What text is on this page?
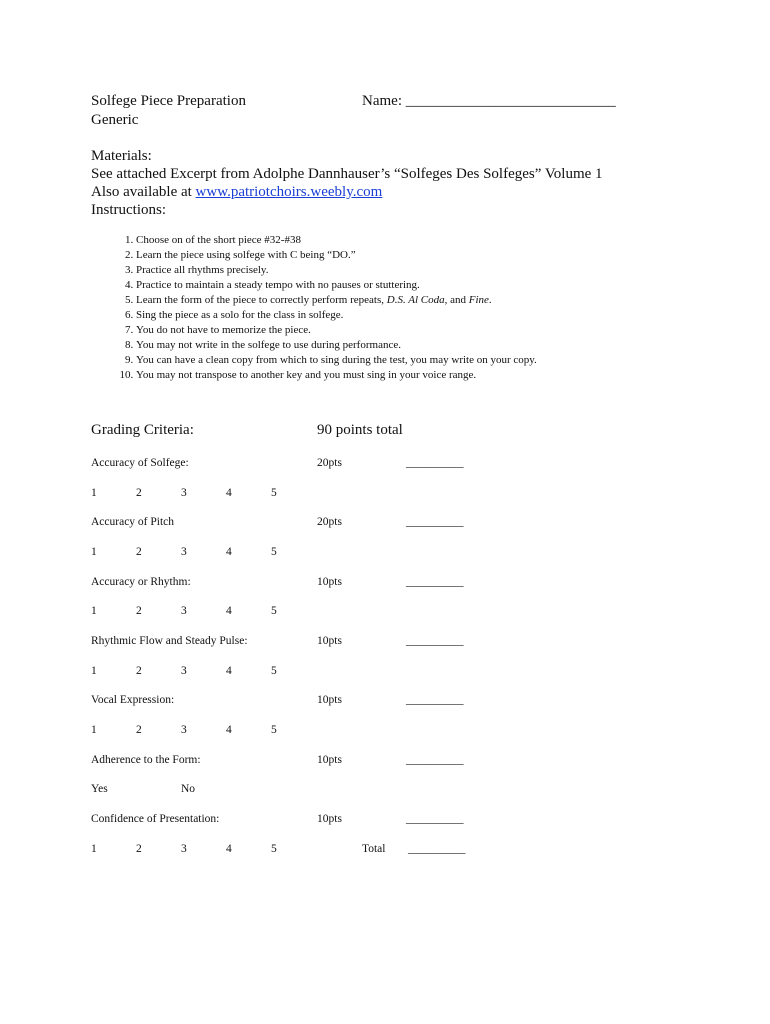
Solfege Piece Preparation
Generic
Name: ____________________________
Materials:
See attached Excerpt from Adolphe Dannhauser’s “Solfeges Des Solfeges” Volume 1
Also available at www.patriotchoirs.weebly.com
Instructions:
1. Choose on of the short piece #32-#38
2. Learn the piece using solfege with C being “DO.”
3. Practice all rhythms precisely.
4. Practice to maintain a steady tempo with no pauses or stuttering.
5. Learn the form of the piece to correctly perform repeats, D.S. Al Coda, and Fine.
6. Sing the piece as a solo for the class in solfege.
7. You do not have to memorize the piece.
8. You may not write in the solfege to use during performance.
9. You can have a clean copy from which to sing during the test, you may write on your copy.
10. You may not transpose to another key and you must sing in your voice range.
Grading Criteria:	90 points total
Accuracy of Solfege:	20pts	__________
1	2	3	4	5
Accuracy of Pitch	20pts	__________
1	2	3	4	5
Accuracy or Rhythm:	10pts	__________
1	2	3	4	5
Rhythmic Flow and Steady Pulse:	10pts	__________
1	2	3	4	5
Vocal Expression:	10pts	__________
1	2	3	4	5
Adherence to the Form:	10pts	__________
Yes	No
Confidence of Presentation:	10pts	__________
1	2	3	4	5	Total __________
